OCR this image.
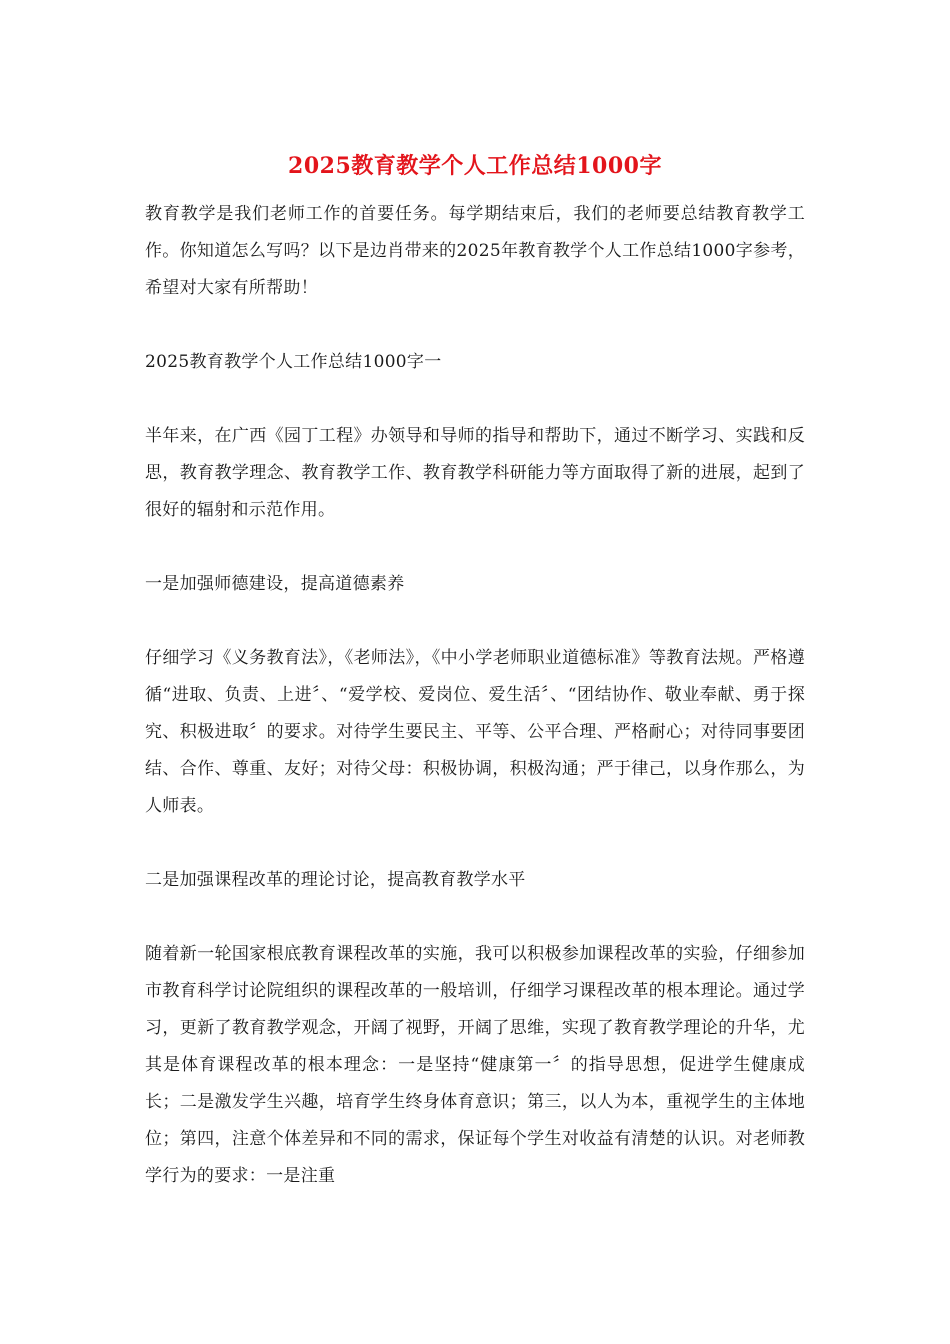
2025教育教学个人工作总结1000字

教育教学是我们老师工作的首要任务。每学期结束后，我们的老师要总结教育教学工作。你知道怎么写吗？以下是边肖带来的2025年教育教学个人工作总结1000字参考，希望对大家有所帮助！

2025教育教学个人工作总结1000字一

半年来，在广西《园丁工程》办领导和导师的指导和帮助下，通过不断学习、实践和反思，教育教学理念、教育教学工作、教育教学科研能力等方面取得了新的进展，起到了很好的辐射和示范作用。

一是加强师德建设，提高道德素养

仔细学习《义务教育法》，《老师法》，《中小学老师职业道德标准》等教育法规。严格遵循“进取、负责、上进〞、“爱学校、爱岗位、爱生活〞、“团结协作、敬业奉献、勇于探究、积极进取〞的要求。对待学生要民主、平等、公平合理、严格耐心；对待同事要团结、合作、尊重、友好；对待父母：积极协调，积极沟通；严于律己，以身作那么，为人师表。

二是加强课程改革的理论讨论，提高教育教学水平

随着新一轮国家根底教育课程改革的实施，我可以积极参加课程改革的实验，仔细参加市教育科学讨论院组织的课程改革的一般培训，仔细学习课程改革的根本理论。通过学习，更新了教育教学观念，开阔了视野，开阔了思维，实现了教育教学理论的升华，尤其是体育课程改革的根本理念：一是坚持“健康第一〞的指导思想，促进学生健康成长；二是激发学生兴趣，培育学生终身体育意识；第三，以人为本，重视学生的主体地位；第四，注意个体差异和不同的需求，保证每个学生对收益有清楚的认识。对老师教学行为的要求：一是注重
